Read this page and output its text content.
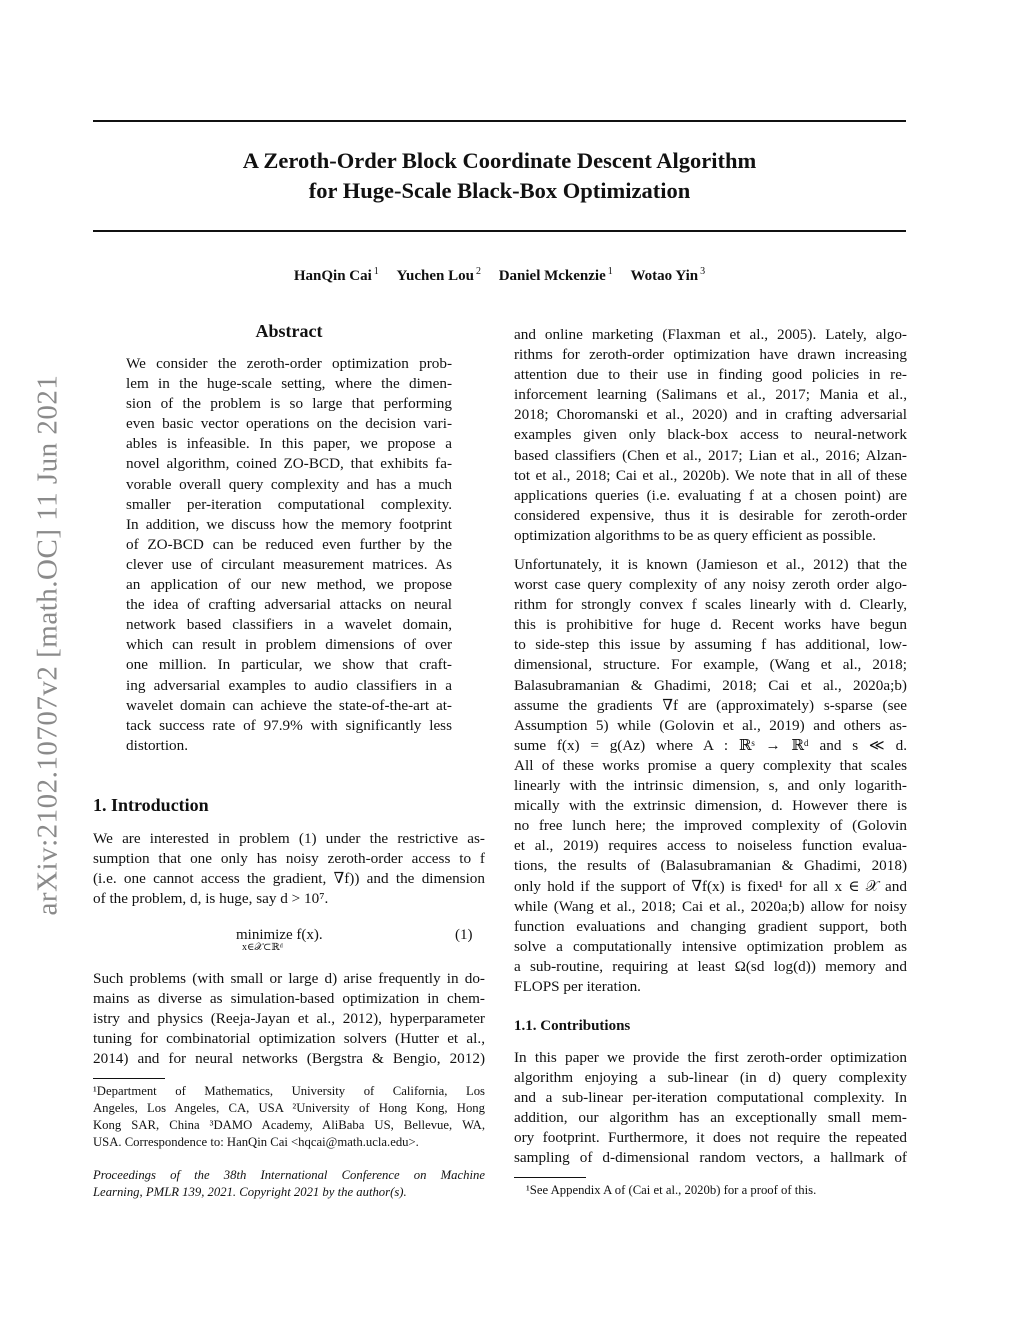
arXiv:2102.10707v2 [math.OC] 11 Jun 2021
A Zeroth-Order Block Coordinate Descent Algorithm
for Huge-Scale Black-Box Optimization
HanQin Cai $^1$ Yuchen Lou $^2$ Daniel Mckenzie $^1$ Wotao Yin $^3$
Abstract
We consider the zeroth-order optimization prob-
lem in the huge-scale setting, where the dimen-
sion of the problem is so large that performing
even basic vector operations on the decision vari-
ables is infeasible. In this paper, we propose a
novel algorithm, coined ZO-BCD, that exhibits fa-
vorable overall query complexity and has a much
smaller per-iteration computational complexity.
In addition, we discuss how the memory footprint
of ZO-BCD can be reduced even further by the
clever use of circulant measurement matrices. As
an application of our new method, we propose
the idea of crafting adversarial attacks on neural
network based classifiers in a wavelet domain,
which can result in problem dimensions of over
one million. In particular, we show that craft-
ing adversarial examples to audio classifiers in a
wavelet domain can achieve the state-of-the-art at-
tack success rate of 97.9% with significantly less
distortion.
1. Introduction
We are interested in problem (1) under the restrictive as-
sumption that one only has noisy zeroth-order access to f
(i.e. one cannot access the gradient, ∇f)) and the dimension
of the problem, d, is huge, say d > 10⁷.
minimize f(x).
x∈𝒳⊂ℝᵈ
(1)
Such problems (with small or large d) arise frequently in do-
mains as diverse as simulation-based optimization in chem-
istry and physics (Reeja-Jayan et al., 2012), hyperparameter
tuning for combinatorial optimization solvers (Hutter et al.,
2014) and for neural networks (Bergstra & Bengio, 2012)
¹Department of Mathematics, University of California, Los
Angeles, Los Angeles, CA, USA ²University of Hong Kong, Hong
Kong SAR, China ³DAMO Academy, AliBaba US, Bellevue, WA,
USA. Correspondence to: HanQin Cai <hqcai@math.ucla.edu>.
Proceedings of the 38th International Conference on Machine
Learning, PMLR 139, 2021. Copyright 2021 by the author(s).
and online marketing (Flaxman et al., 2005). Lately, algo-
rithms for zeroth-order optimization have drawn increasing
attention due to their use in finding good policies in re-
inforcement learning (Salimans et al., 2017; Mania et al.,
2018; Choromanski et al., 2020) and in crafting adversarial
examples given only black-box access to neural-network
based classifiers (Chen et al., 2017; Lian et al., 2016; Alzan-
tot et al., 2018; Cai et al., 2020b). We note that in all of these
applications queries (i.e. evaluating f at a chosen point) are
considered expensive, thus it is desirable for zeroth-order
optimization algorithms to be as query efficient as possible.
Unfortunately, it is known (Jamieson et al., 2012) that the
worst case query complexity of any noisy zeroth order algo-
rithm for strongly convex f scales linearly with d. Clearly,
this is prohibitive for huge d. Recent works have begun
to side-step this issue by assuming f has additional, low-
dimensional, structure. For example, (Wang et al., 2018;
Balasubramanian & Ghadimi, 2018; Cai et al., 2020a;b)
assume the gradients ∇f are (approximately) s-sparse (see
Assumption 5) while (Golovin et al., 2019) and others as-
sume f(x) = g(Az) where A : ℝˢ → ℝᵈ and s ≪ d.
All of these works promise a query complexity that scales
linearly with the intrinsic dimension, s, and only logarith-
mically with the extrinsic dimension, d. However there is
no free lunch here; the improved complexity of (Golovin
et al., 2019) requires access to noiseless function evalua-
tions, the results of (Balasubramanian & Ghadimi, 2018)
only hold if the support of ∇f(x) is fixed¹ for all x ∈ 𝒳 and
while (Wang et al., 2018; Cai et al., 2020a;b) allow for noisy
function evaluations and changing gradient support, both
solve a computationally intensive optimization problem as
a sub-routine, requiring at least Ω(sd log(d)) memory and
FLOPS per iteration.
1.1. Contributions
In this paper we provide the first zeroth-order optimization
algorithm enjoying a sub-linear (in d) query complexity
and a sub-linear per-iteration computational complexity. In
addition, our algorithm has an exceptionally small mem-
ory footprint. Furthermore, it does not require the repeated
sampling of d-dimensional random vectors, a hallmark of
¹See Appendix A of (Cai et al., 2020b) for a proof of this.
